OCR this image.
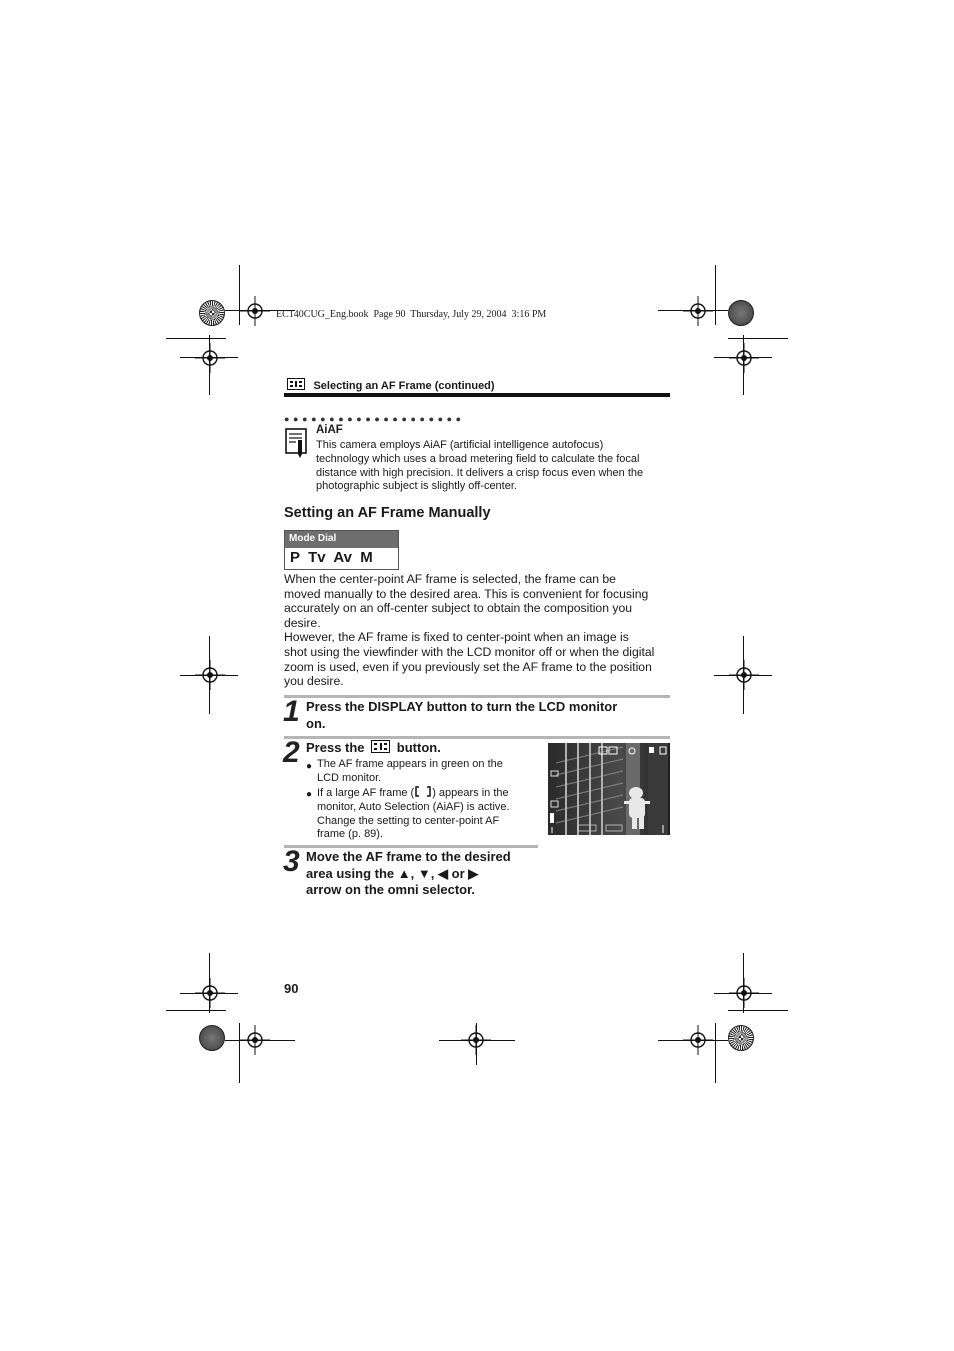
EC140CUG_Eng.book  Page 90  Thursday, July 29, 2004  3:16 PM
Selecting an AF Frame (continued)
●●●●●●●●●●●●●●●●●●●●
AiAF
This camera employs AiAF (artificial intelligence autofocus)
technology which uses a broad metering field to calculate the focal
distance with high precision. It delivers a crisp focus even when the
photographic subject is slightly off-center.
Setting an AF Frame Manually
Mode Dial
P  Tv  Av  M
When the center-point AF frame is selected, the frame can be
moved manually to the desired area. This is convenient for focusing
accurately on an off-center subject to obtain the composition you
desire.
However, the AF frame is fixed to center-point when an image is
shot using the viewfinder with the LCD monitor off or when the digital
zoom is used, even if you previously set the AF frame to the position
you desire.
1 Press the DISPLAY button to turn the LCD monitor
on.
2 Press the button.
● The AF frame appears in green on the
LCD monitor.
● If a large AF frame ( ) appears in the
monitor, Auto Selection (AiAF) is active.
Change the setting to center-point AF
frame (p. 89).
3 Move the AF frame to the desired
area using the ▲, ▼, ◀ or ▶
arrow on the omni selector.
90
